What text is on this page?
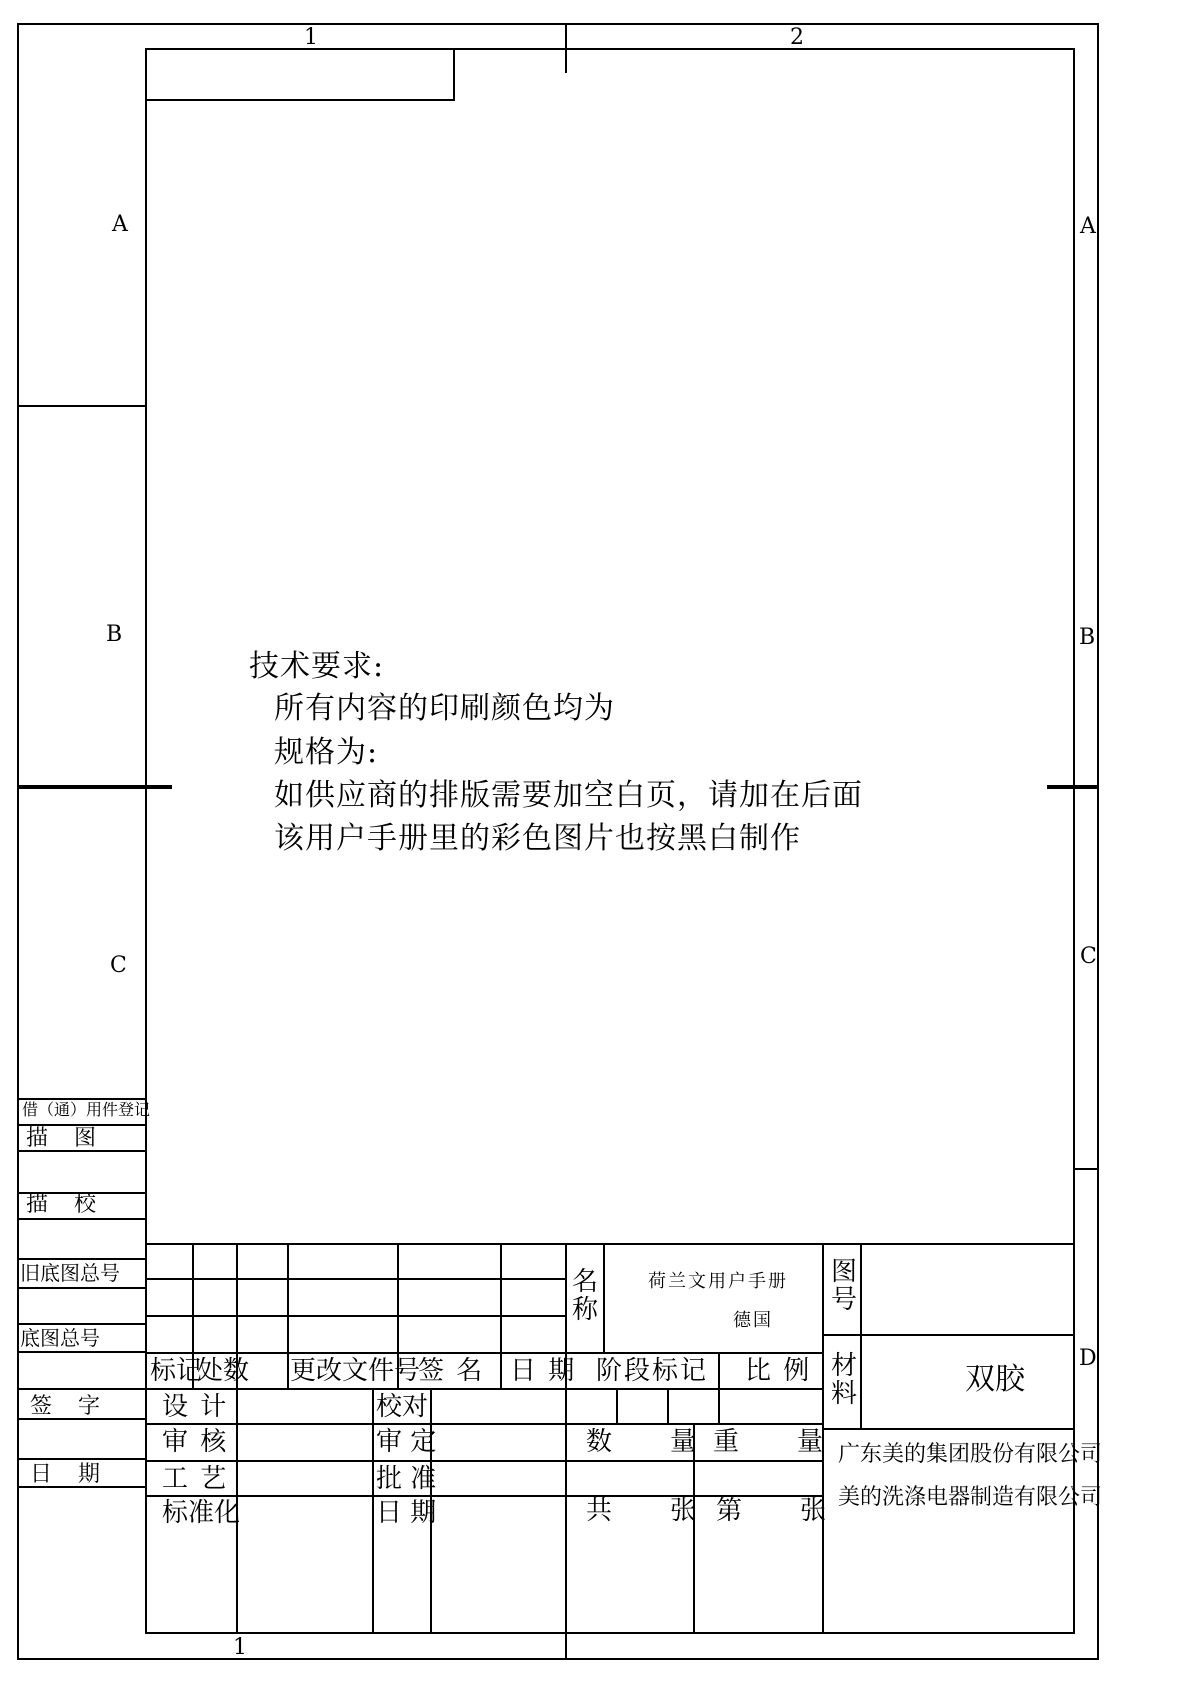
1	2
1
A
B
C
A
B
C
D
技术要求:
所有内容的印刷颜色均为
规格为:
如供应商的排版需要加空白页，请加在后面
该用户手册里的彩色图片也按黑白制作
借（通）用件登记
描　图
描　校
旧底图总号
底图总号
签　字
日　期
标记
处数 更改文件号
签 名 日 期
设 计
审 核
工 艺
标准化
校对
审 定
批 准
日 期
名
称
荷兰文用户手册
德国
图
号
材
料	双胶
阶段标记 比 例
数　　量 重　　量
共　　张 第　　张
广东美的集团股份有限公司
美的洗涤电器制造有限公司
